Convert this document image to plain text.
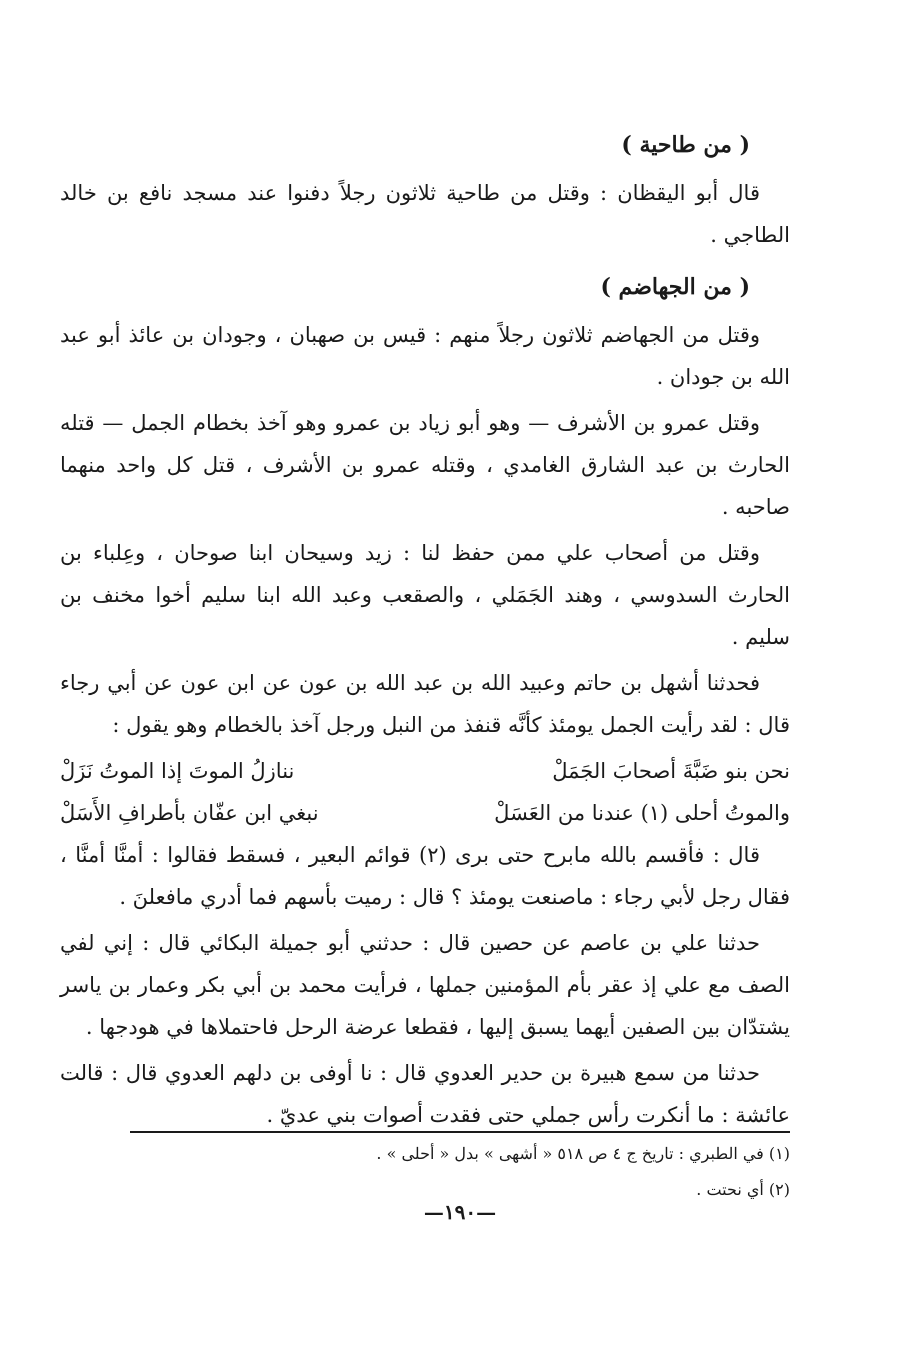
( من طاحية )

قال أبو اليقظان : وقتل من طاحية ثلاثون رجلاً دفنوا عند مسجد نافع بن خالد الطاجي .

( من الجهاضم )

وقتل من الجهاضم ثلاثون رجلاً منهم : قيس بن صهبان ، وجودان بن عائذ أبو عبد الله بن جودان .

وقتل عمرو بن الأشرف — وهو أبو زياد بن عمرو وهو آخذ بخطام الجمل — قتله الحارث بن عبد الشارق الغامدي ، وقتله عمرو بن الأشرف ، قتل كل واحد منهما صاحبه .

وقتل من أصحاب علي ممن حفظ لنا : زيد وسيحان ابنا صوحان ، وعِلباء بن الحارث السدوسي ، وهند الجَمَلي ، والصقعب وعبد الله ابنا سليم أخوا مخنف بن سليم .

فحدثنا أشهل بن حاتم وعبيد الله بن عبد الله بن عون عن ابن عون عن أبي رجاء قال : لقد رأيت الجمل يومئذ كأنَّه قنفذ من النبل ورجل آخذ بالخطام وهو يقول :

نحن بنو ضَبَّةَ أصحابَ الجَمَلْ
ننازلُ الموتَ إذا الموتُ نَزَلْ
والموتُ أحلى (١) عندنا من العَسَلْ
نبغي ابن عفّان بأطرافِ الأَسَلْ

قال : فأقسم بالله مابرح حتى برى (٢) قوائم البعير ، فسقط فقالوا : أمنَّا أمنَّا ، فقال رجل لأبي رجاء : ماصنعت يومئذ ؟ قال : رميت بأسهم فما أدري مافعلنَ .

حدثنا علي بن عاصم عن حصين قال : حدثني أبو جميلة البكائي قال : إني لفي الصف مع علي إذ عقر بأم المؤمنين جملها ، فرأيت محمد بن أبي بكر وعمار بن ياسر يشتدّان بين الصفين أيهما يسبق إليها ، فقطعا عرضة الرحل فاحتملاها في هودجها .

حدثنا من سمع هبيرة بن حدير العدوي قال : نا أوفى بن دلهم العدوي قال : قالت عائشة : ما أنكرت رأس جملي حتى فقدت أصوات بني عديّ .

(١) في الطبري : تاريخ ج ٤ ص ٥١٨ « أشهى » بدل « أحلى » .
(٢) أي نحتت .
—١٩٠—
